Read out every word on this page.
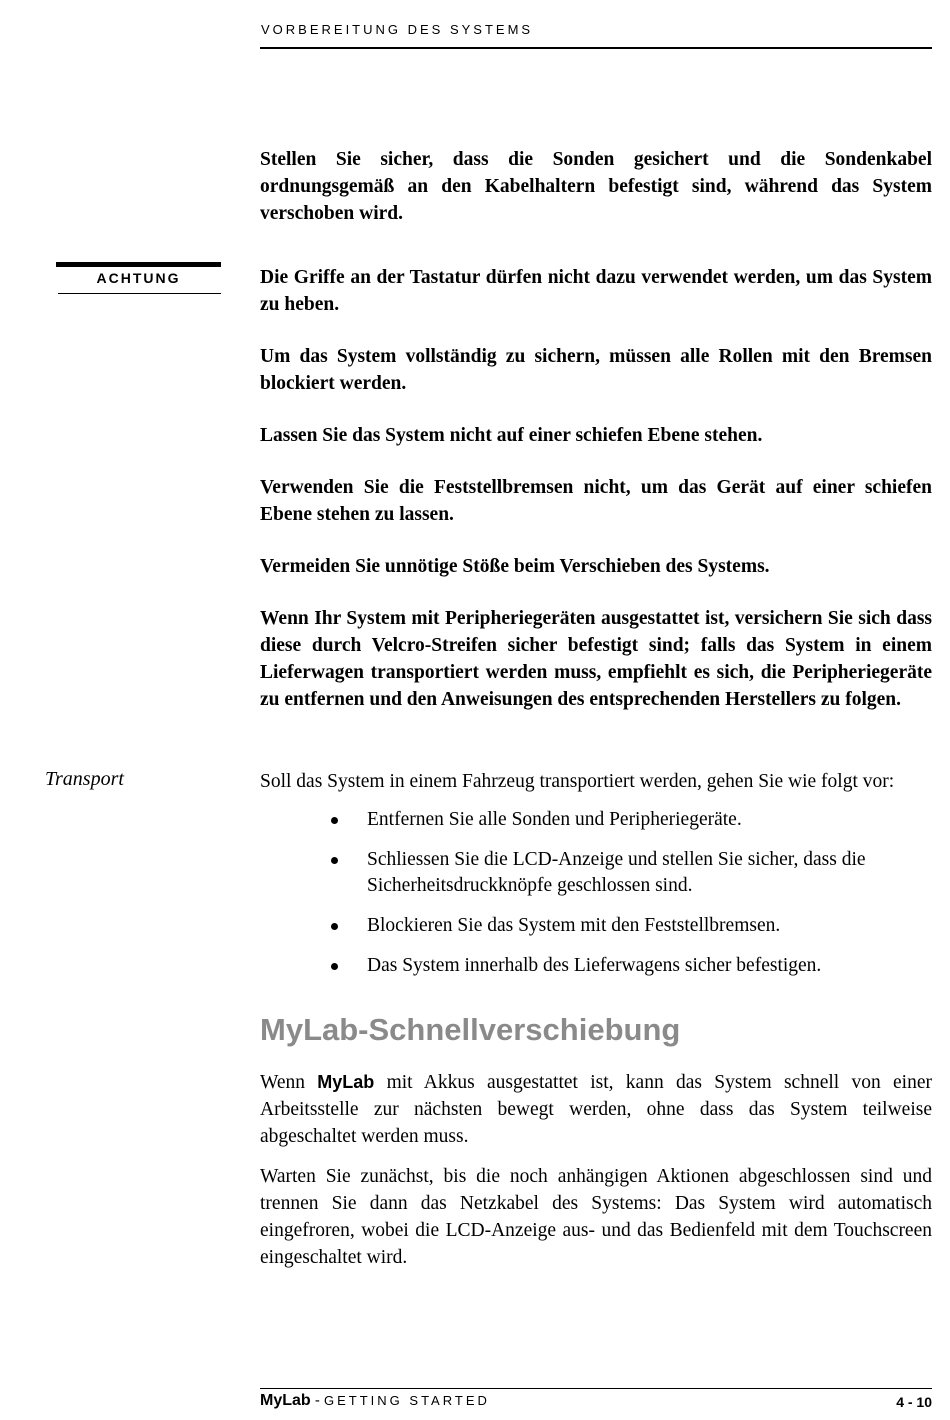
VORBEREITUNG DES SYSTEMS

Stellen Sie sicher, dass die Sonden gesichert und die Sondenkabel ordnungsgemäß an den Kabelhaltern befestigt sind, während das System verschoben wird.

ACHTUNG	Die Griffe an der Tastatur dürfen nicht dazu verwendet werden, um das System zu heben.

Um das System vollständig zu sichern, müssen alle Rollen mit den Bremsen blockiert werden.

Lassen Sie das System nicht auf einer schiefen Ebene stehen.

Verwenden Sie die Feststellbremsen nicht, um das Gerät auf einer schiefen Ebene stehen zu lassen.

Vermeiden Sie unnötige Stöße beim Verschieben des Systems.

Wenn Ihr System mit Peripheriegeräten ausgestattet ist, versichern Sie sich dass diese durch Velcro-Streifen sicher befestigt sind; falls das System in einem Lieferwagen transportiert werden muss, empfiehlt es sich, die Peripheriegeräte zu entfernen und den Anweisungen des entsprechenden Herstellers zu folgen.

Transport	Soll das System in einem Fahrzeug transportiert werden, gehen Sie wie folgt vor:

Entfernen Sie alle Sonden und Peripheriegeräte.
Schliessen Sie die LCD-Anzeige und stellen Sie sicher, dass die Sicherheitsdruckknöpfe geschlossen sind.
Blockieren Sie das System mit den Feststellbremsen.
Das System innerhalb des Lieferwagens sicher befestigen.
MyLab-Schnellverschiebung

Wenn MyLab mit Akkus ausgestattet ist, kann das System schnell von einer Arbeitsstelle zur nächsten bewegt werden, ohne dass das System teilweise abgeschaltet werden muss.

Warten Sie zunächst, bis die noch anhängigen Aktionen abgeschlossen sind und trennen Sie dann das Netzkabel des Systems: Das System wird automatisch eingefroren, wobei die LCD-Anzeige aus- und das Bedienfeld mit dem Touchscreen eingeschaltet wird.

MyLab - GETTING STARTED	4 - 10
